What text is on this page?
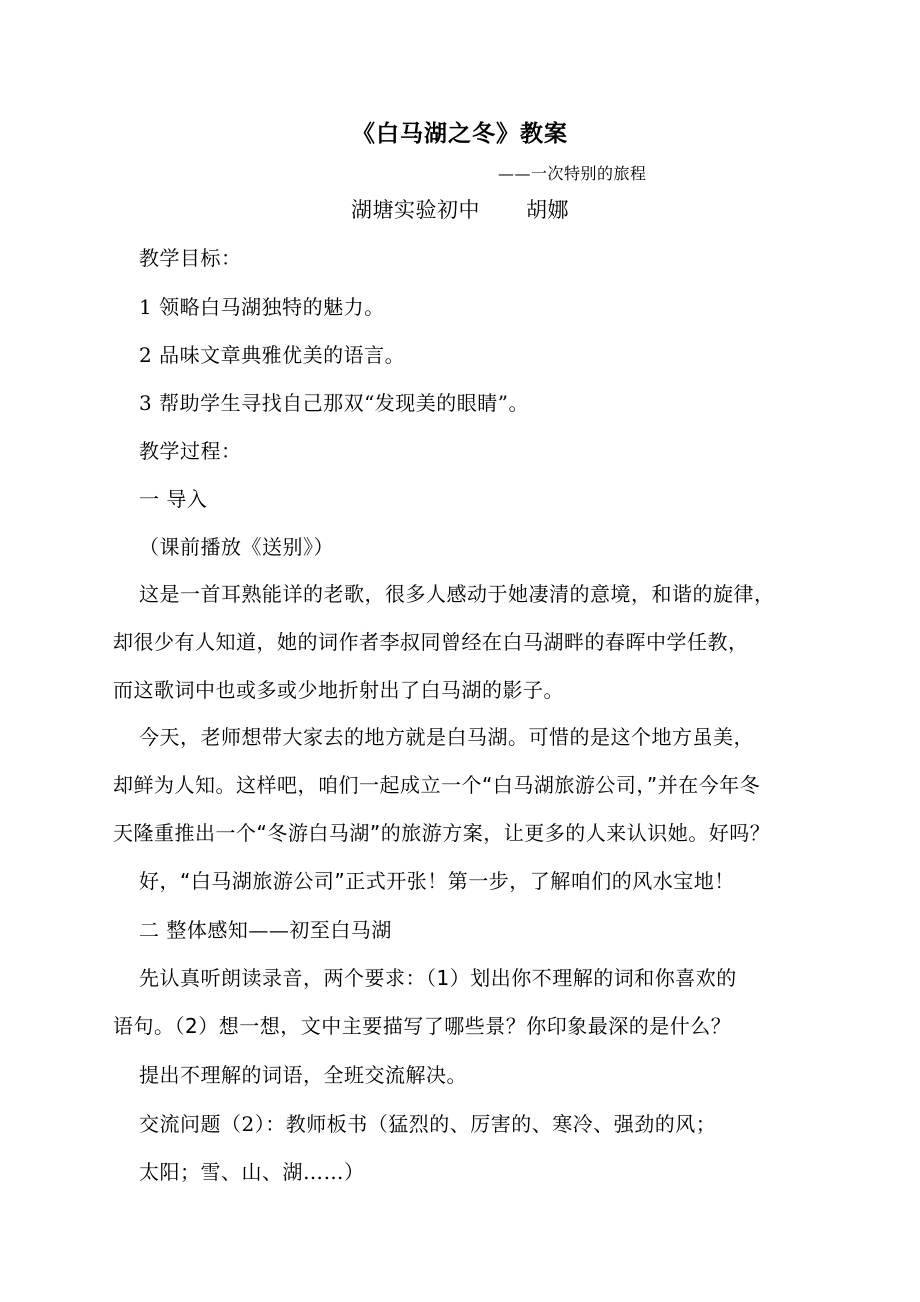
《白马湖之冬》教案
——一次特别的旅程
湖塘实验初中 胡娜
教学目标：
1 领略白马湖独特的魅力。
2 品味文章典雅优美的语言。
3 帮助学生寻找自己那双“发现美的眼睛”。
教学过程：
一 导入
（课前播放《送别》）
这是一首耳熟能详的老歌，很多人感动于她凄清的意境，和谐的旋律，
却很少有人知道，她的词作者李叔同曾经在白马湖畔的春晖中学任教，
而这歌词中也或多或少地折射出了白马湖的影子。
今天，老师想带大家去的地方就是白马湖。可惜的是这个地方虽美，
却鲜为人知。这样吧，咱们一起成立一个“白马湖旅游公司，”并在今年冬
天隆重推出一个“冬游白马湖”的旅游方案，让更多的人来认识她。好吗？
好，“白马湖旅游公司”正式开张！第一步，了解咱们的风水宝地！
二 整体感知——初至白马湖
先认真听朗读录音，两个要求：（1）划出你不理解的词和你喜欢的
语句。（2）想一想，文中主要描写了哪些景？你印象最深的是什么？
提出不理解的词语，全班交流解决。
交流问题（2）：教师板书（猛烈的、厉害的、寒冷、强劲的风；
太阳；雪、山、湖……）
